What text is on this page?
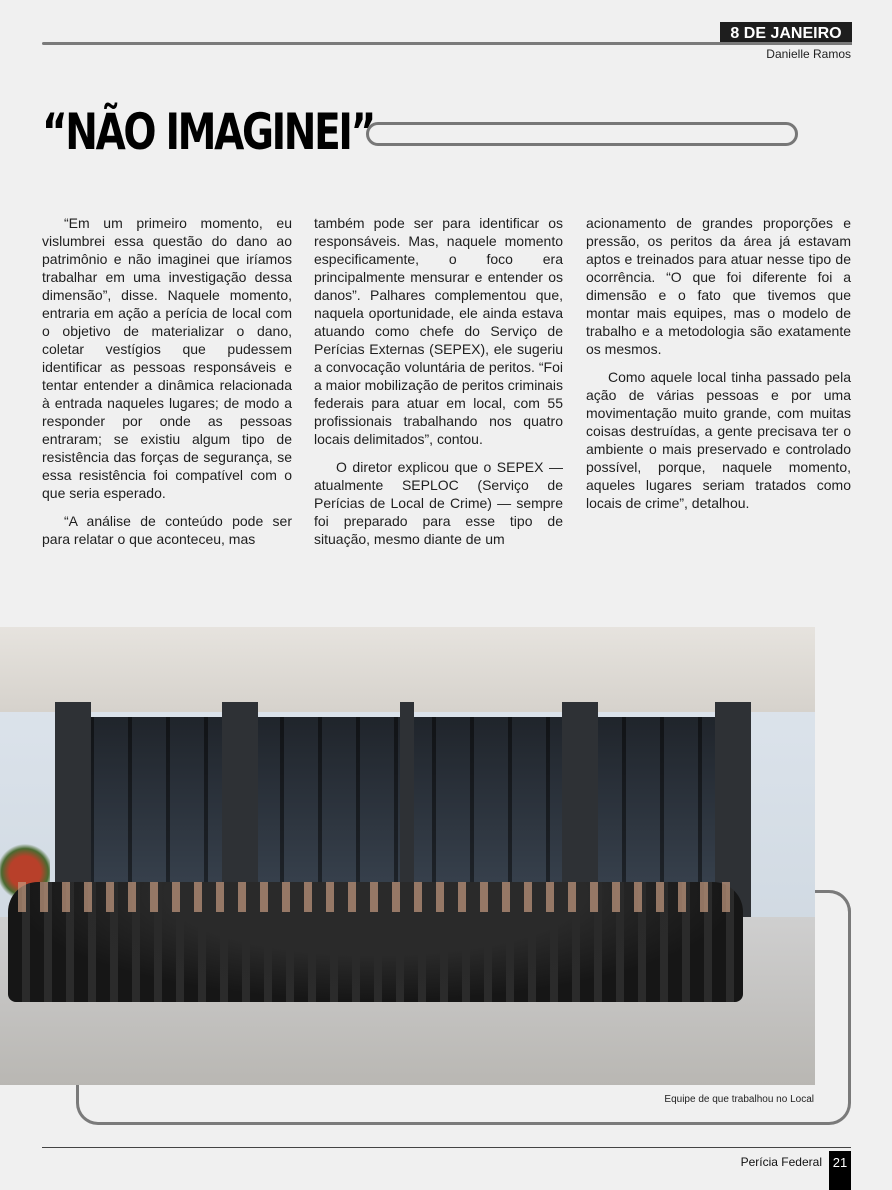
8 DE JANEIRO
Danielle Ramos
“NÃO IMAGINEI”

“Em um primeiro momento, eu vislumbrei essa questão do dano ao patrimônio e não imaginei que iríamos trabalhar em uma investigação dessa dimensão”, disse. Naquele momento, entraria em ação a perícia de local com o objetivo de materializar o dano, coletar vestígios que pudessem identificar as pessoas responsáveis e tentar entender a dinâmica relacionada à entrada naqueles lugares; de modo a responder por onde as pessoas entraram; se existiu algum tipo de resistência das forças de segurança, se essa resistência foi compatível com o que seria esperado.

“A análise de conteúdo pode ser para relatar o que aconteceu, mas

também pode ser para identificar os responsáveis. Mas, naquele momento especificamente, o foco era principalmente mensurar e entender os danos”. Palhares complementou que, naquela oportunidade, ele ainda estava atuando como chefe do Serviço de Perícias Externas (SEPEX), ele sugeriu a convocação voluntária de peritos. “Foi a maior mobilização de peritos criminais federais para atuar em local, com 55 profissionais trabalhando nos quatro locais delimitados”, contou.

O diretor explicou que o SEPEX — atualmente SEPLOC (Serviço de Perícias de Local de Crime) — sempre foi preparado para esse tipo de situação, mesmo diante de um

acionamento de grandes proporções e pressão, os peritos da área já estavam aptos e treinados para atuar nesse tipo de ocorrência. “O que foi diferente foi a dimensão e o fato que tivemos que montar mais equipes, mas o modelo de trabalho e a metodologia são exatamente os mesmos.

Como aquele local tinha passado pela ação de várias pessoas e por uma movimentação muito grande, com muitas coisas destruídas, a gente precisava ter o ambiente o mais preservado e controlado possível, porque, naquele momento, aqueles lugares seriam tratados como locais de crime”, detalhou.

Equipe de que trabalhou no Local
Perícia Federal 21
